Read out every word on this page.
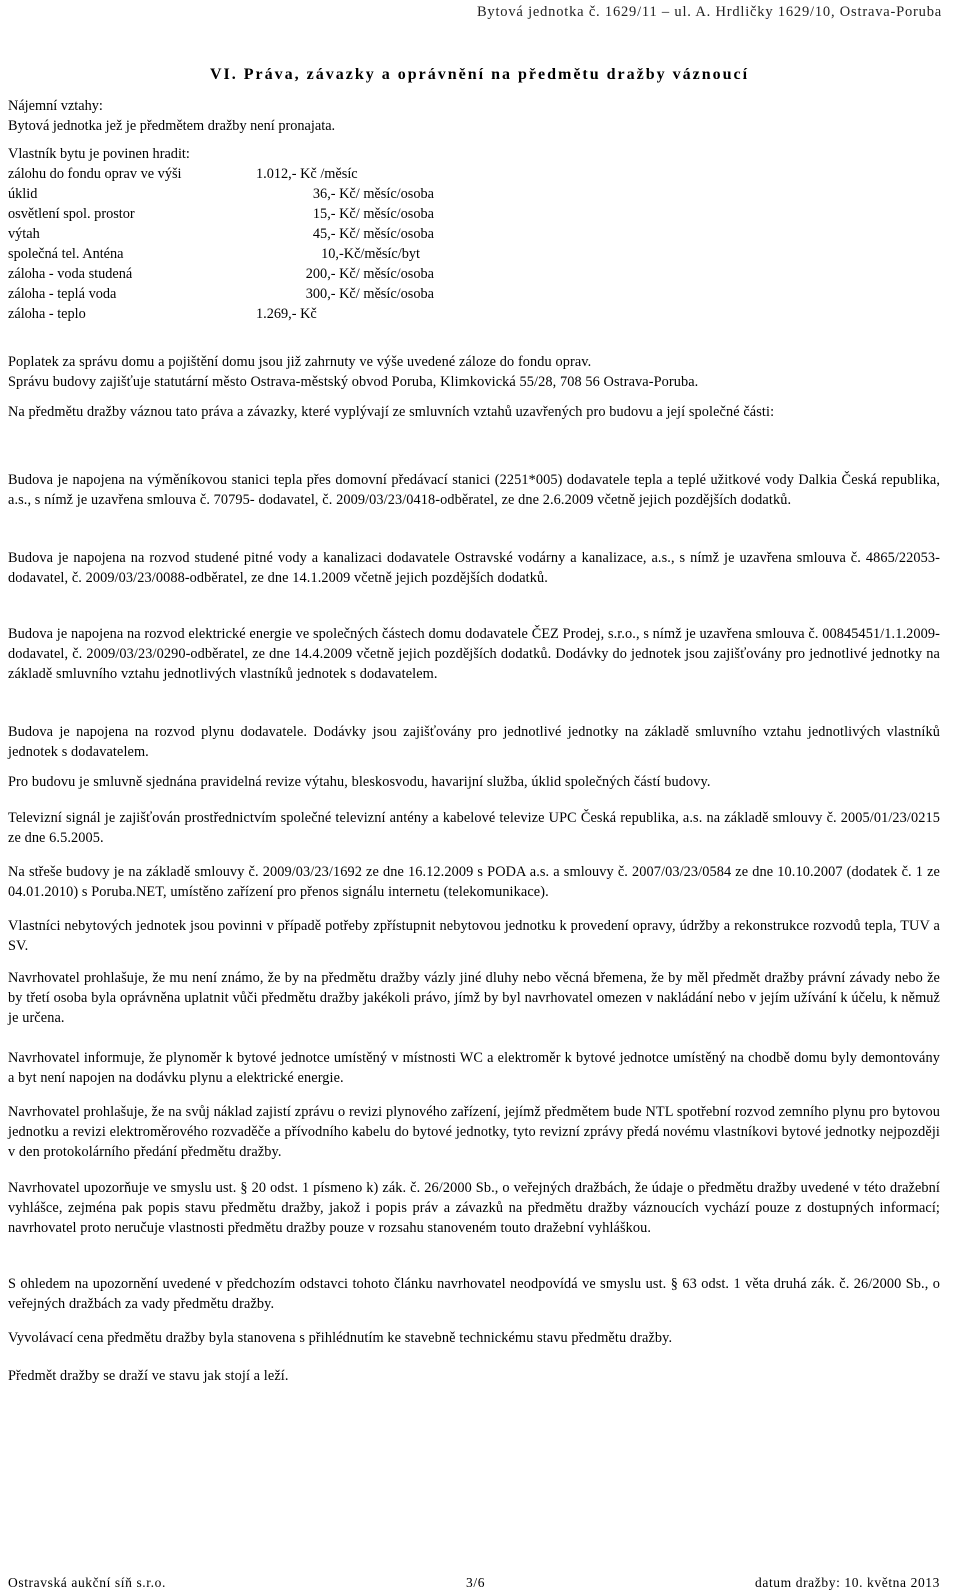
Bytová jednotka č. 1629/11 – ul. A. Hrdličky 1629/10, Ostrava-Poruba
VI. Práva, závazky a oprávnění na předmětu dražby váznoucí
Nájemní vztahy:
Bytová jednotka jež je předmětem dražby není pronajata.
Vlastník bytu je povinen hradit:
zálohu do fondu oprav ve výši	1.012,- Kč /měsíc
úklid	36,- Kč/ měsíc/osoba
osvětlení spol. prostor	15,- Kč/ měsíc/osoba
výtah	45,- Kč/ měsíc/osoba
společná tel. Anténa	10,-Kč/měsíc/byt
záloha - voda studená	200,- Kč/ měsíc/osoba
záloha - teplá voda	300,- Kč/ měsíc/osoba
záloha - teplo	1.269,- Kč
Poplatek za správu domu a pojištění domu jsou již zahrnuty ve výše uvedené záloze do fondu oprav.
Správu budovy zajišťuje statutární město Ostrava-městský obvod Poruba, Klimkovická 55/28, 708 56 Ostrava-Poruba.
Na předmětu dražby váznou tato práva a závazky, které vyplývají ze smluvních vztahů uzavřených pro budovu a její společné části:
Budova je napojena na výměníkovou stanici tepla přes domovní předávací stanici (2251*005) dodavatele tepla a teplé užitkové vody Dalkia Česká republika, a.s., s nímž je uzavřena smlouva č. 70795- dodavatel, č. 2009/03/23/0418-odběratel, ze dne 2.6.2009 včetně jejich pozdějších dodatků.
Budova je napojena na rozvod studené pitné vody a kanalizaci dodavatele Ostravské vodárny a kanalizace, a.s., s nímž je uzavřena smlouva č. 4865/22053- dodavatel, č. 2009/03/23/0088-odběratel, ze dne 14.1.2009 včetně jejich pozdějších dodatků.
Budova je napojena na rozvod elektrické energie ve společných částech domu dodavatele ČEZ Prodej, s.r.o., s nímž je uzavřena smlouva č. 00845451/1.1.2009- dodavatel, č. 2009/03/23/0290-odběratel, ze dne 14.4.2009 včetně jejich pozdějších dodatků. Dodávky do jednotek jsou zajišťovány pro jednotlivé jednotky na základě smluvního vztahu jednotlivých vlastníků jednotek s dodavatelem.
Budova je napojena na rozvod plynu dodavatele. Dodávky jsou zajišťovány pro jednotlivé jednotky na základě smluvního vztahu jednotlivých vlastníků jednotek s dodavatelem.
Pro budovu je smluvně sjednána pravidelná revize výtahu, bleskosvodu, havarijní služba, úklid společných částí budovy.
Televizní signál je zajišťován prostřednictvím společné televizní antény a kabelové televize UPC Česká republika, a.s. na základě smlouvy č. 2005/01/23/0215 ze dne 6.5.2005.
Na střeše budovy je na základě smlouvy č. 2009/03/23/1692 ze dne 16.12.2009 s PODA a.s. a smlouvy č. 2007/03/23/0584 ze dne 10.10.2007 (dodatek č. 1 ze 04.01.2010) s Poruba.NET, umístěno zařízení pro přenos signálu internetu (telekomunikace).
Vlastníci nebytových jednotek jsou povinni v případě potřeby zpřístupnit nebytovou jednotku k provedení opravy, údržby a rekonstrukce rozvodů tepla, TUV a SV.
Navrhovatel prohlašuje, že mu není známo, že by na předmětu dražby vázly jiné dluhy nebo věcná břemena, že by měl předmět dražby právní závady nebo že by třetí osoba byla oprávněna uplatnit vůči předmětu dražby jakékoli právo, jímž by byl navrhovatel omezen v nakládání nebo v jejím užívání k účelu, k němuž je určena.
Navrhovatel informuje, že plynoměr k bytové jednotce umístěný v místnosti WC a elektroměr k bytové jednotce umístěný na chodbě domu byly demontovány a byt není napojen na dodávku plynu a elektrické energie.
Navrhovatel prohlašuje, že na svůj náklad zajistí zprávu o revizi plynového zařízení, jejímž předmětem bude NTL spotřební rozvod zemního plynu pro bytovou jednotku a revizi elektroměrového rozvaděče a přívodního kabelu do bytové jednotky, tyto revizní zprávy předá novému vlastníkovi bytové jednotky nejpozději v den protokolárního předání předmětu dražby.
Navrhovatel upozorňuje ve smyslu ust. § 20 odst. 1 písmeno k) zák. č. 26/2000 Sb., o veřejných dražbách, že údaje o předmětu dražby uvedené v této dražební vyhlášce, zejména pak popis stavu předmětu dražby, jakož i popis práv a závazků na předmětu dražby váznoucích vychází pouze z dostupných informací; navrhovatel proto neručuje vlastnosti předmětu dražby pouze v rozsahu stanoveném touto dražební vyhláškou.
S ohledem na upozornění uvedené v předchozím odstavci tohoto článku navrhovatel neodpovídá ve smyslu ust. § 63 odst. 1 věta druhá zák. č. 26/2000 Sb., o veřejných dražbách za vady předmětu dražby.
Vyvolávací cena předmětu dražby byla stanovena s přihlédnutím ke stavebně technickému stavu předmětu dražby.
Předmět dražby se draží ve stavu jak stojí a leží.
Ostravská aukční síň s.r.o.	3/6	datum dražby: 10. května 2013
